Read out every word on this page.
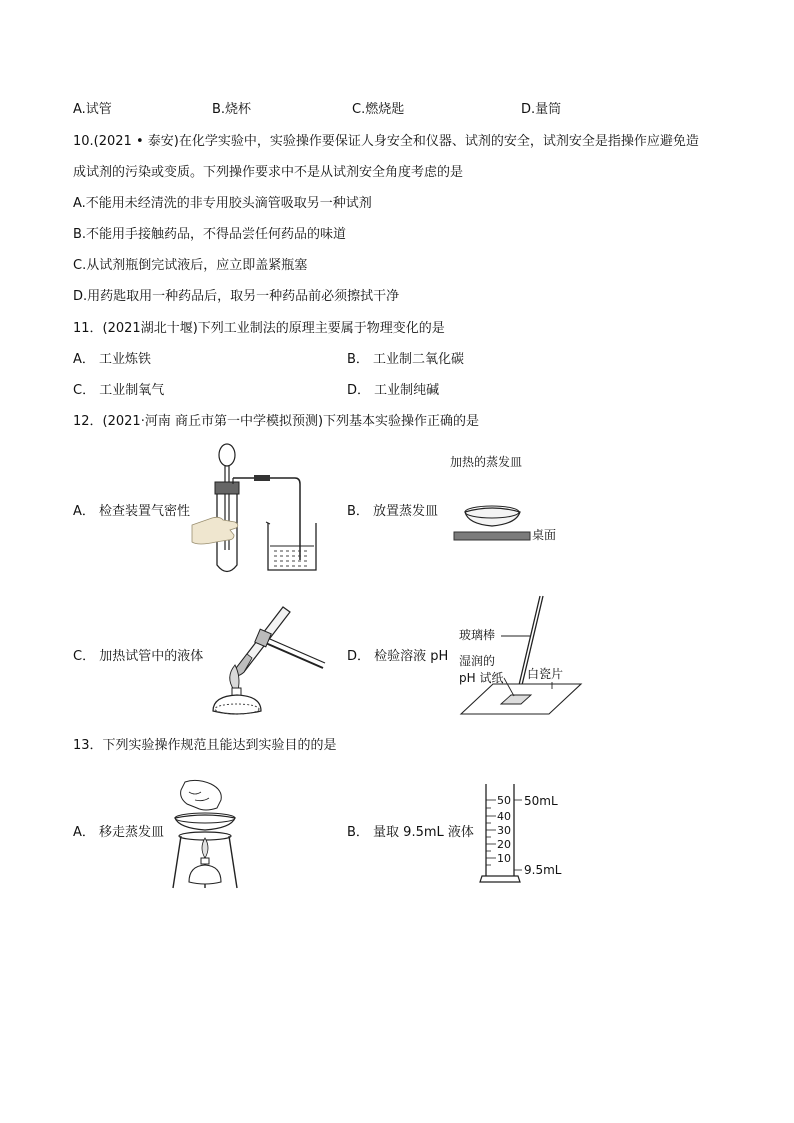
A.试管	B.烧杯	C.燃烧匙	D.量筒
10.(2021 • 泰安)在化学实验中，实验操作要保证人身安全和仪器、试剂的安全，试剂安全是指操作应避免造
成试剂的污染或变质。下列操作要求中不是从试剂安全角度考虑的是
A.不能用未经清洗的非专用胶头滴管吸取另一种试剂
B.不能用手接触药品，不得品尝任何药品的味道
C.从试剂瓶倒完试液后，应立即盖紧瓶塞
D.用药匙取用一种药品后，取另一种药品前必须擦拭干净
11．(2021湖北十堰)下列工业制法的原理主要属于物理变化的是
A． 工业炼铁	B． 工业制二氧化碳
C． 工业制氧气	D． 工业制纯碱
12．(2021·河南 商丘市第一中学模拟预测)下列基本实验操作正确的是
A． 检查装置气密性	B． 放置蒸发皿
加热的蒸发皿
桌面
C． 加热试管中的液体	D． 检验溶液 pH
玻璃棒
湿润的
pH 试纸 白瓷片
13．下列实验操作规范且能达到实验目的的是
A． 移走蒸发皿	B． 量取 9.5mL 液体
50
40
30
20
10
50mL
9.5mL
